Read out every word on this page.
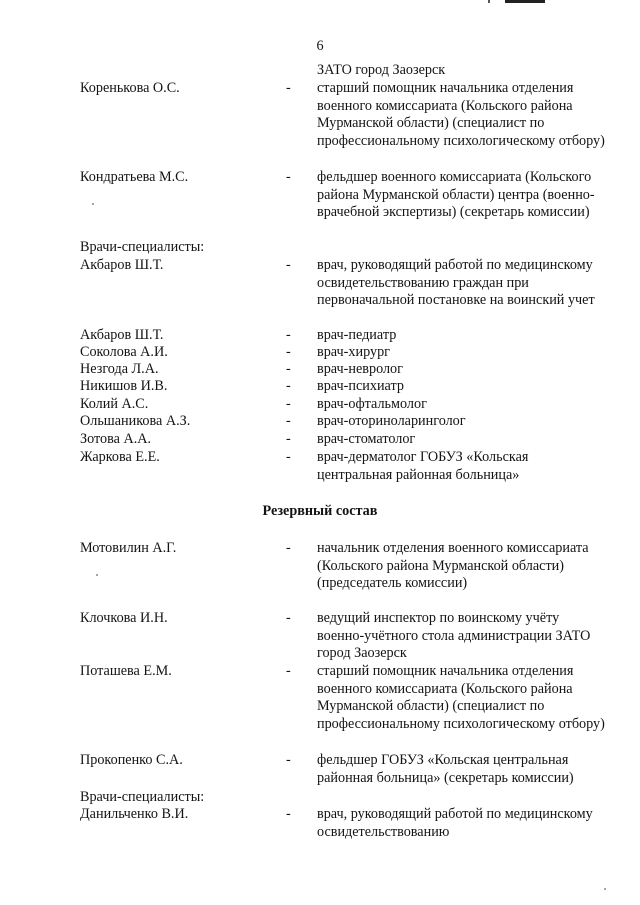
6
ЗАТО город Заозерск
Коренькова О.С.	- старший помощник начальника отделения военного комиссариата (Кольского района Мурманской области) (специалист по профессиональному психологическому отбору)
Кондратьева М.С.	- фельдшер военного комиссариата (Кольского района Мурманской области) центра (военно-врачебной экспертизы) (секретарь комиссии)
Врачи-специалисты:
Акбаров Ш.Т.	- врач, руководящий работой по медицинскому освидетельствованию граждан при первоначальной постановке на воинский учет
Акбаров Ш.Т.	- врач-педиатр
Соколова А.И.	- врач-хирург
Незгода Л.А.	- врач-невролог
Никишов И.В.	- врач-психиатр
Колий А.С.	- врач-офтальмолог
Ольшаникова А.З.	- врач-оториноларинголог
Зотова А.А.	- врач-стоматолог
Жаркова Е.Е.	- врач-дерматолог ГОБУЗ «Кольская центральная районная больница»
Резервный состав
Мотовилин А.Г.	- начальник отделения военного комиссариата (Кольского района Мурманской области) (председатель комиссии)
Клочкова И.Н.	- ведущий инспектор по воинскому учёту военно-учётного стола администрации ЗАТО город Заозерск
Поташева Е.М.	- старший помощник начальника отделения военного комиссариата (Кольского района Мурманской области) (специалист по профессиональному психологическому отбору)
Прокопенко С.А.	- фельдшер ГОБУЗ «Кольская центральная районная больница» (секретарь комиссии)
Врачи-специалисты:
Данильченко В.И.	- врач, руководящий работой по медицинскому освидетельствованию
